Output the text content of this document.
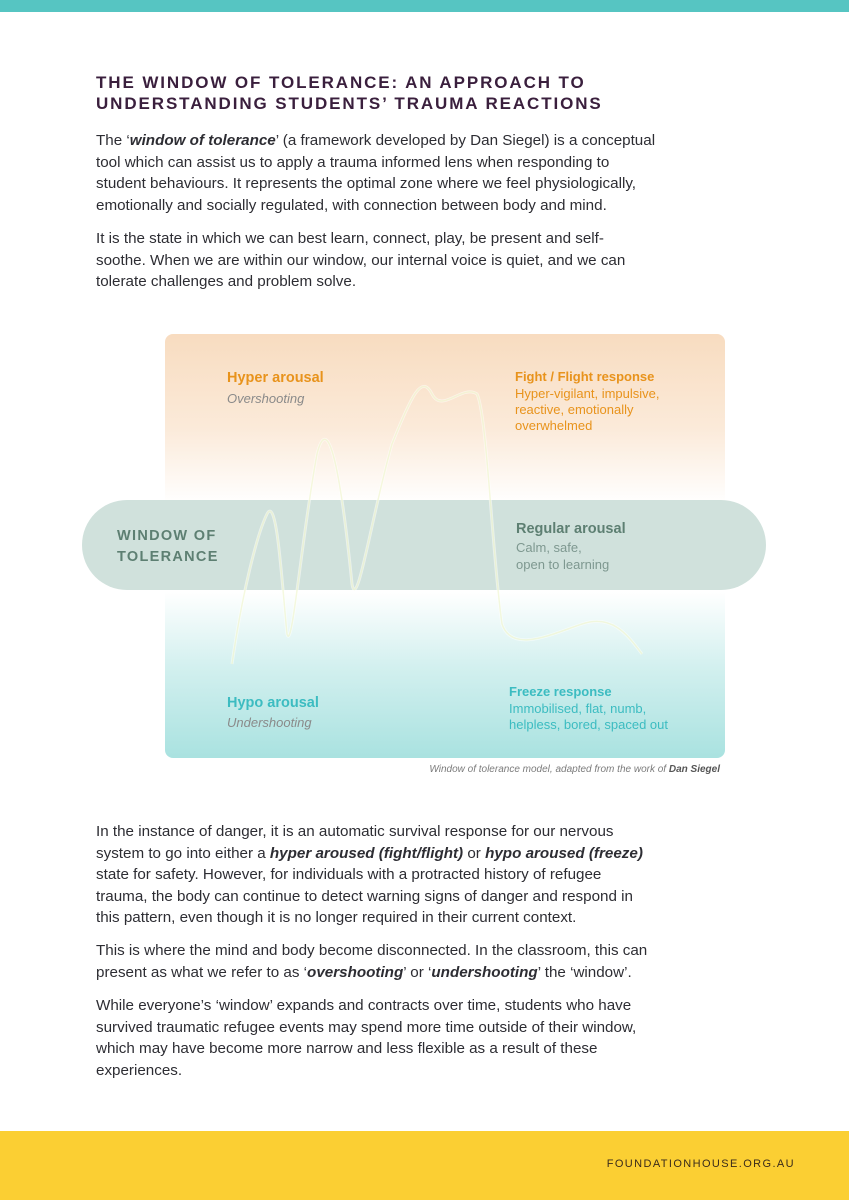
THE WINDOW OF TOLERANCE: AN APPROACH TO
UNDERSTANDING STUDENTS’ TRAUMA REACTIONS

The ‘window of tolerance’ (a framework developed by Dan Siegel) is a conceptual
tool which can assist us to apply a trauma informed lens when responding to
student behaviours. It represents the optimal zone where we feel physiologically,
emotionally and socially regulated, with connection between body and mind.

It is the state in which we can best learn, connect, play, be present and self-
soothe. When we are within our window, our internal voice is quiet, and we can
tolerate challenges and problem solve.

Hyper arousal
Overshooting
Fight / Flight response
Hyper-vigilant, impulsive,
reactive, emotionally
overwhelmed
WINDOW OF
TOLERANCE
Regular arousal
Calm, safe,
open to learning
Hypo arousal
Undershooting
Freeze response
Immobilised, flat, numb,
helpless, bored, spaced out
Window of tolerance model, adapted from the work of Dan Siegel

In the instance of danger, it is an automatic survival response for our nervous
system to go into either a hyper aroused (fight/flight) or hypo aroused (freeze)
state for safety. However, for individuals with a protracted history of refugee
trauma, the body can continue to detect warning signs of danger and respond in
this pattern, even though it is no longer required in their current context.

This is where the mind and body become disconnected. In the classroom, this can
present as what we refer to as ‘overshooting’ or ‘undershooting’ the ‘window’.

While everyone’s ‘window’ expands and contracts over time, students who have
survived traumatic refugee events may spend more time outside of their window,
which may have become more narrow and less flexible as a result of these
experiences.

FOUNDATIONHOUSE.ORG.AU
